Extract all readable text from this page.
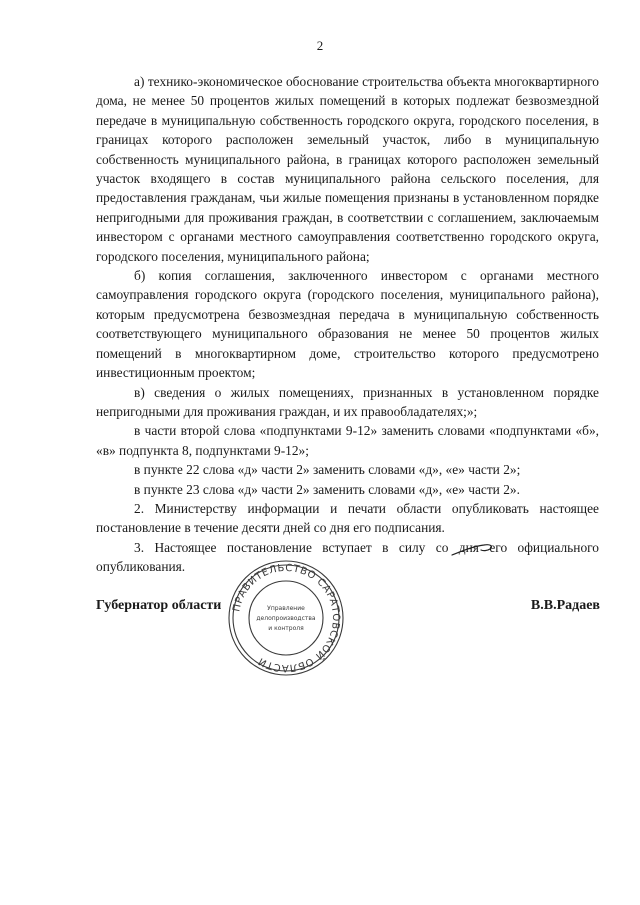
2

а) технико-экономическое обоснование строительства объекта многоквартирного дома, не менее 50 процентов жилых помещений в которых подлежат безвозмездной передаче в муниципальную собственность городского округа, городского поселения, в границах которого расположен земельный участок, либо в муниципальную собственность муниципального района, в границах которого расположен земельный участок входящего в состав муниципального района сельского поселения, для предоставления гражданам, чьи жилые помещения признаны в установленном порядке непригодными для проживания граждан, в соответствии с соглашением, заключаемым инвестором с органами местного самоуправления соответственно городского округа, городского поселения, муниципального района;

б) копия соглашения, заключенного инвестором с органами местного самоуправления городского округа (городского поселения, муниципального района), которым предусмотрена безвозмездная передача в муниципальную собственность соответствующего муниципального образования не менее 50 процентов жилых помещений в многоквартирном доме, строительство которого предусмотрено инвестиционным проектом;

в) сведения о жилых помещениях, признанных в установленном порядке непригодными для проживания граждан, и их правообладателях;»;

в части второй слова «подпунктами 9-12» заменить словами «подпунктами «б», «в» подпункта 8, подпунктами 9-12»;

в пункте 22 слова «д» части 2» заменить словами «д», «е» части 2»;

в пункте 23 слова «д» части 2» заменить словами «д», «е» части 2».

2. Министерству информации и печати области опубликовать настоящее постановление в течение десяти дней со дня его подписания.

3. Настоящее постановление вступает в силу со дня его официального опубликования.

ПРАВИТЕЛЬСТВО САРАТОВСКОЙ ОБЛАСТИ
Управление
делопроизводства
и контроля
Губернатор области	В.В.Радаев
